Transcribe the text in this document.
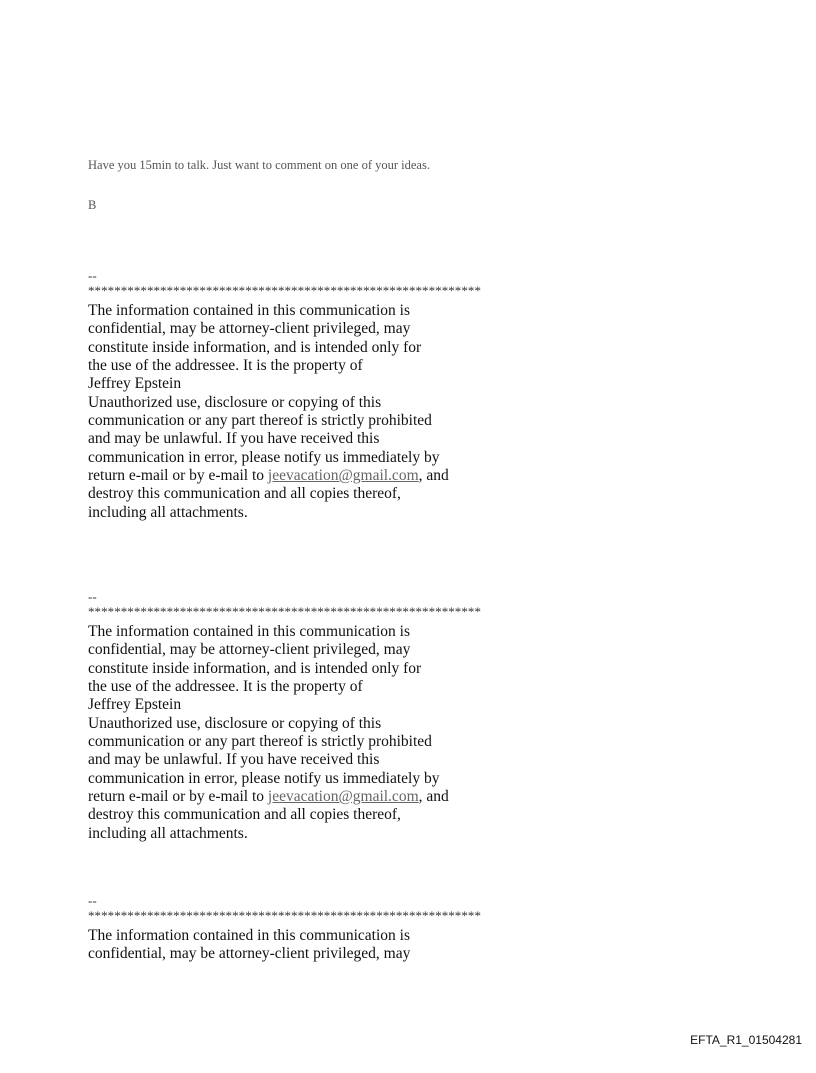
Have you 15min to talk. Just want to comment on one of your ideas.
B
--
************************************************************
The information contained in this communication is
confidential, may be attorney-client privileged, may
constitute inside information, and is intended only for
the use of the addressee. It is the property of
Jeffrey Epstein
Unauthorized use, disclosure or copying of this
communication or any part thereof is strictly prohibited
and may be unlawful. If you have received this
communication in error, please notify us immediately by
return e-mail or by e-mail to jeevacation@gmail.com, and
destroy this communication and all copies thereof,
including all attachments.
--
************************************************************
The information contained in this communication is
confidential, may be attorney-client privileged, may
constitute inside information, and is intended only for
the use of the addressee. It is the property of
Jeffrey Epstein
Unauthorized use, disclosure or copying of this
communication or any part thereof is strictly prohibited
and may be unlawful. If you have received this
communication in error, please notify us immediately by
return e-mail or by e-mail to jeevacation@gmail.com, and
destroy this communication and all copies thereof,
including all attachments.
--
************************************************************
The information contained in this communication is
confidential, may be attorney-client privileged, may
EFTA_R1_01504281
